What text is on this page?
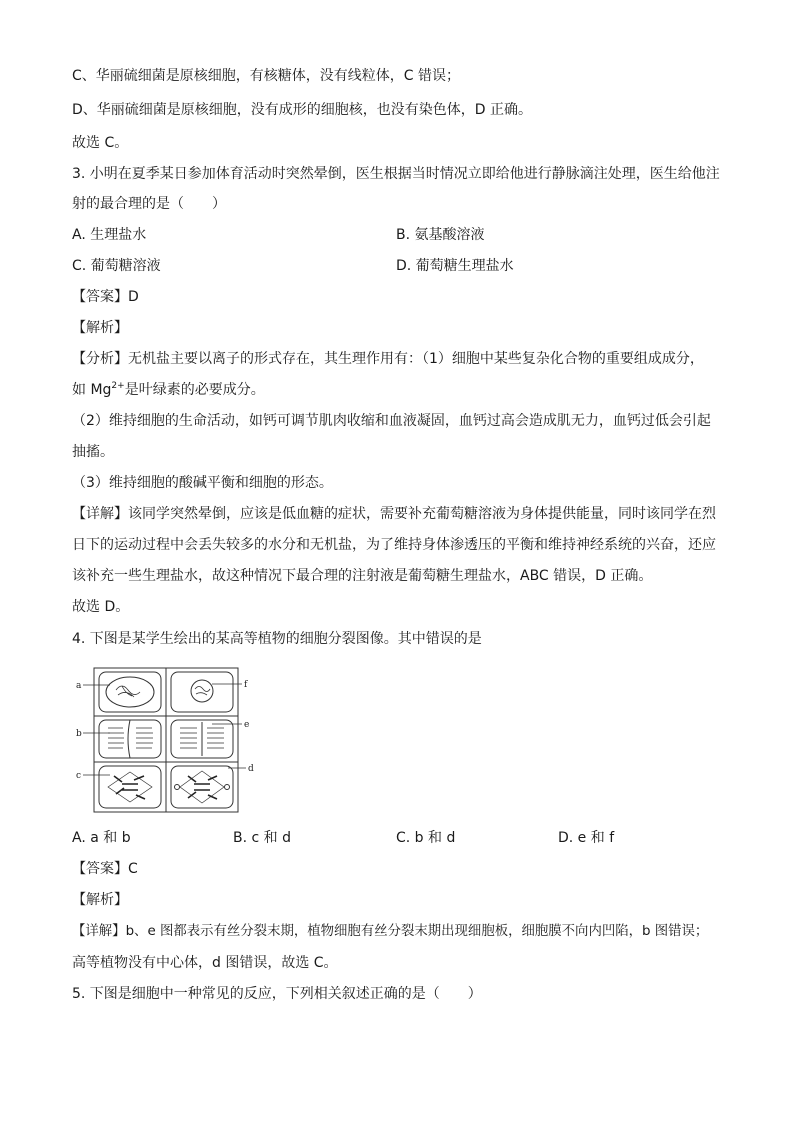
C、华丽硫细菌是原核细胞，有核糖体，没有线粒体，C 错误；
D、华丽硫细菌是原核细胞，没有成形的细胞核，也没有染色体，D 正确。
故选 C。
3. 小明在夏季某日参加体育活动时突然晕倒，医生根据当时情况立即给他进行静脉滴注处理，医生给他注
射的最合理的是（　　）
A. 生理盐水	B. 氨基酸溶液
C. 葡萄糖溶液	D. 葡萄糖生理盐水
【答案】D
【解析】
【分析】无机盐主要以离子的形式存在，其生理作用有：（1）细胞中某些复杂化合物的重要组成成分，
如 $Mg^{2+}$是叶绿素的必要成分。
（2）维持细胞的生命活动，如钙可调节肌肉收缩和血液凝固，血钙过高会造成肌无力，血钙过低会引起
抽搐。
（3）维持细胞的酸碱平衡和细胞的形态。
【详解】该同学突然晕倒，应该是低血糖的症状，需要补充葡萄糖溶液为身体提供能量，同时该同学在烈
日下的运动过程中会丢失较多的水分和无机盐，为了维持身体渗透压的平衡和维持神经系统的兴奋，还应
该补充一些生理盐水，故这种情况下最合理的注射液是葡萄糖生理盐水，ABC 错误，D 正确。
故选 D。
4. 下图是某学生绘出的某高等植物的细胞分裂图像。其中错误的是
a
b
c
f
e
d
A. a 和 b	B. c 和 d	C. b 和 d	D. e 和 f
【答案】C
【解析】
【详解】b、e 图都表示有丝分裂末期，植物细胞有丝分裂末期出现细胞板，细胞膜不向内凹陷，b 图错误；
高等植物没有中心体，d 图错误，故选 C。
5. 下图是细胞中一种常见的反应，下列相关叙述正确的是（　　）
